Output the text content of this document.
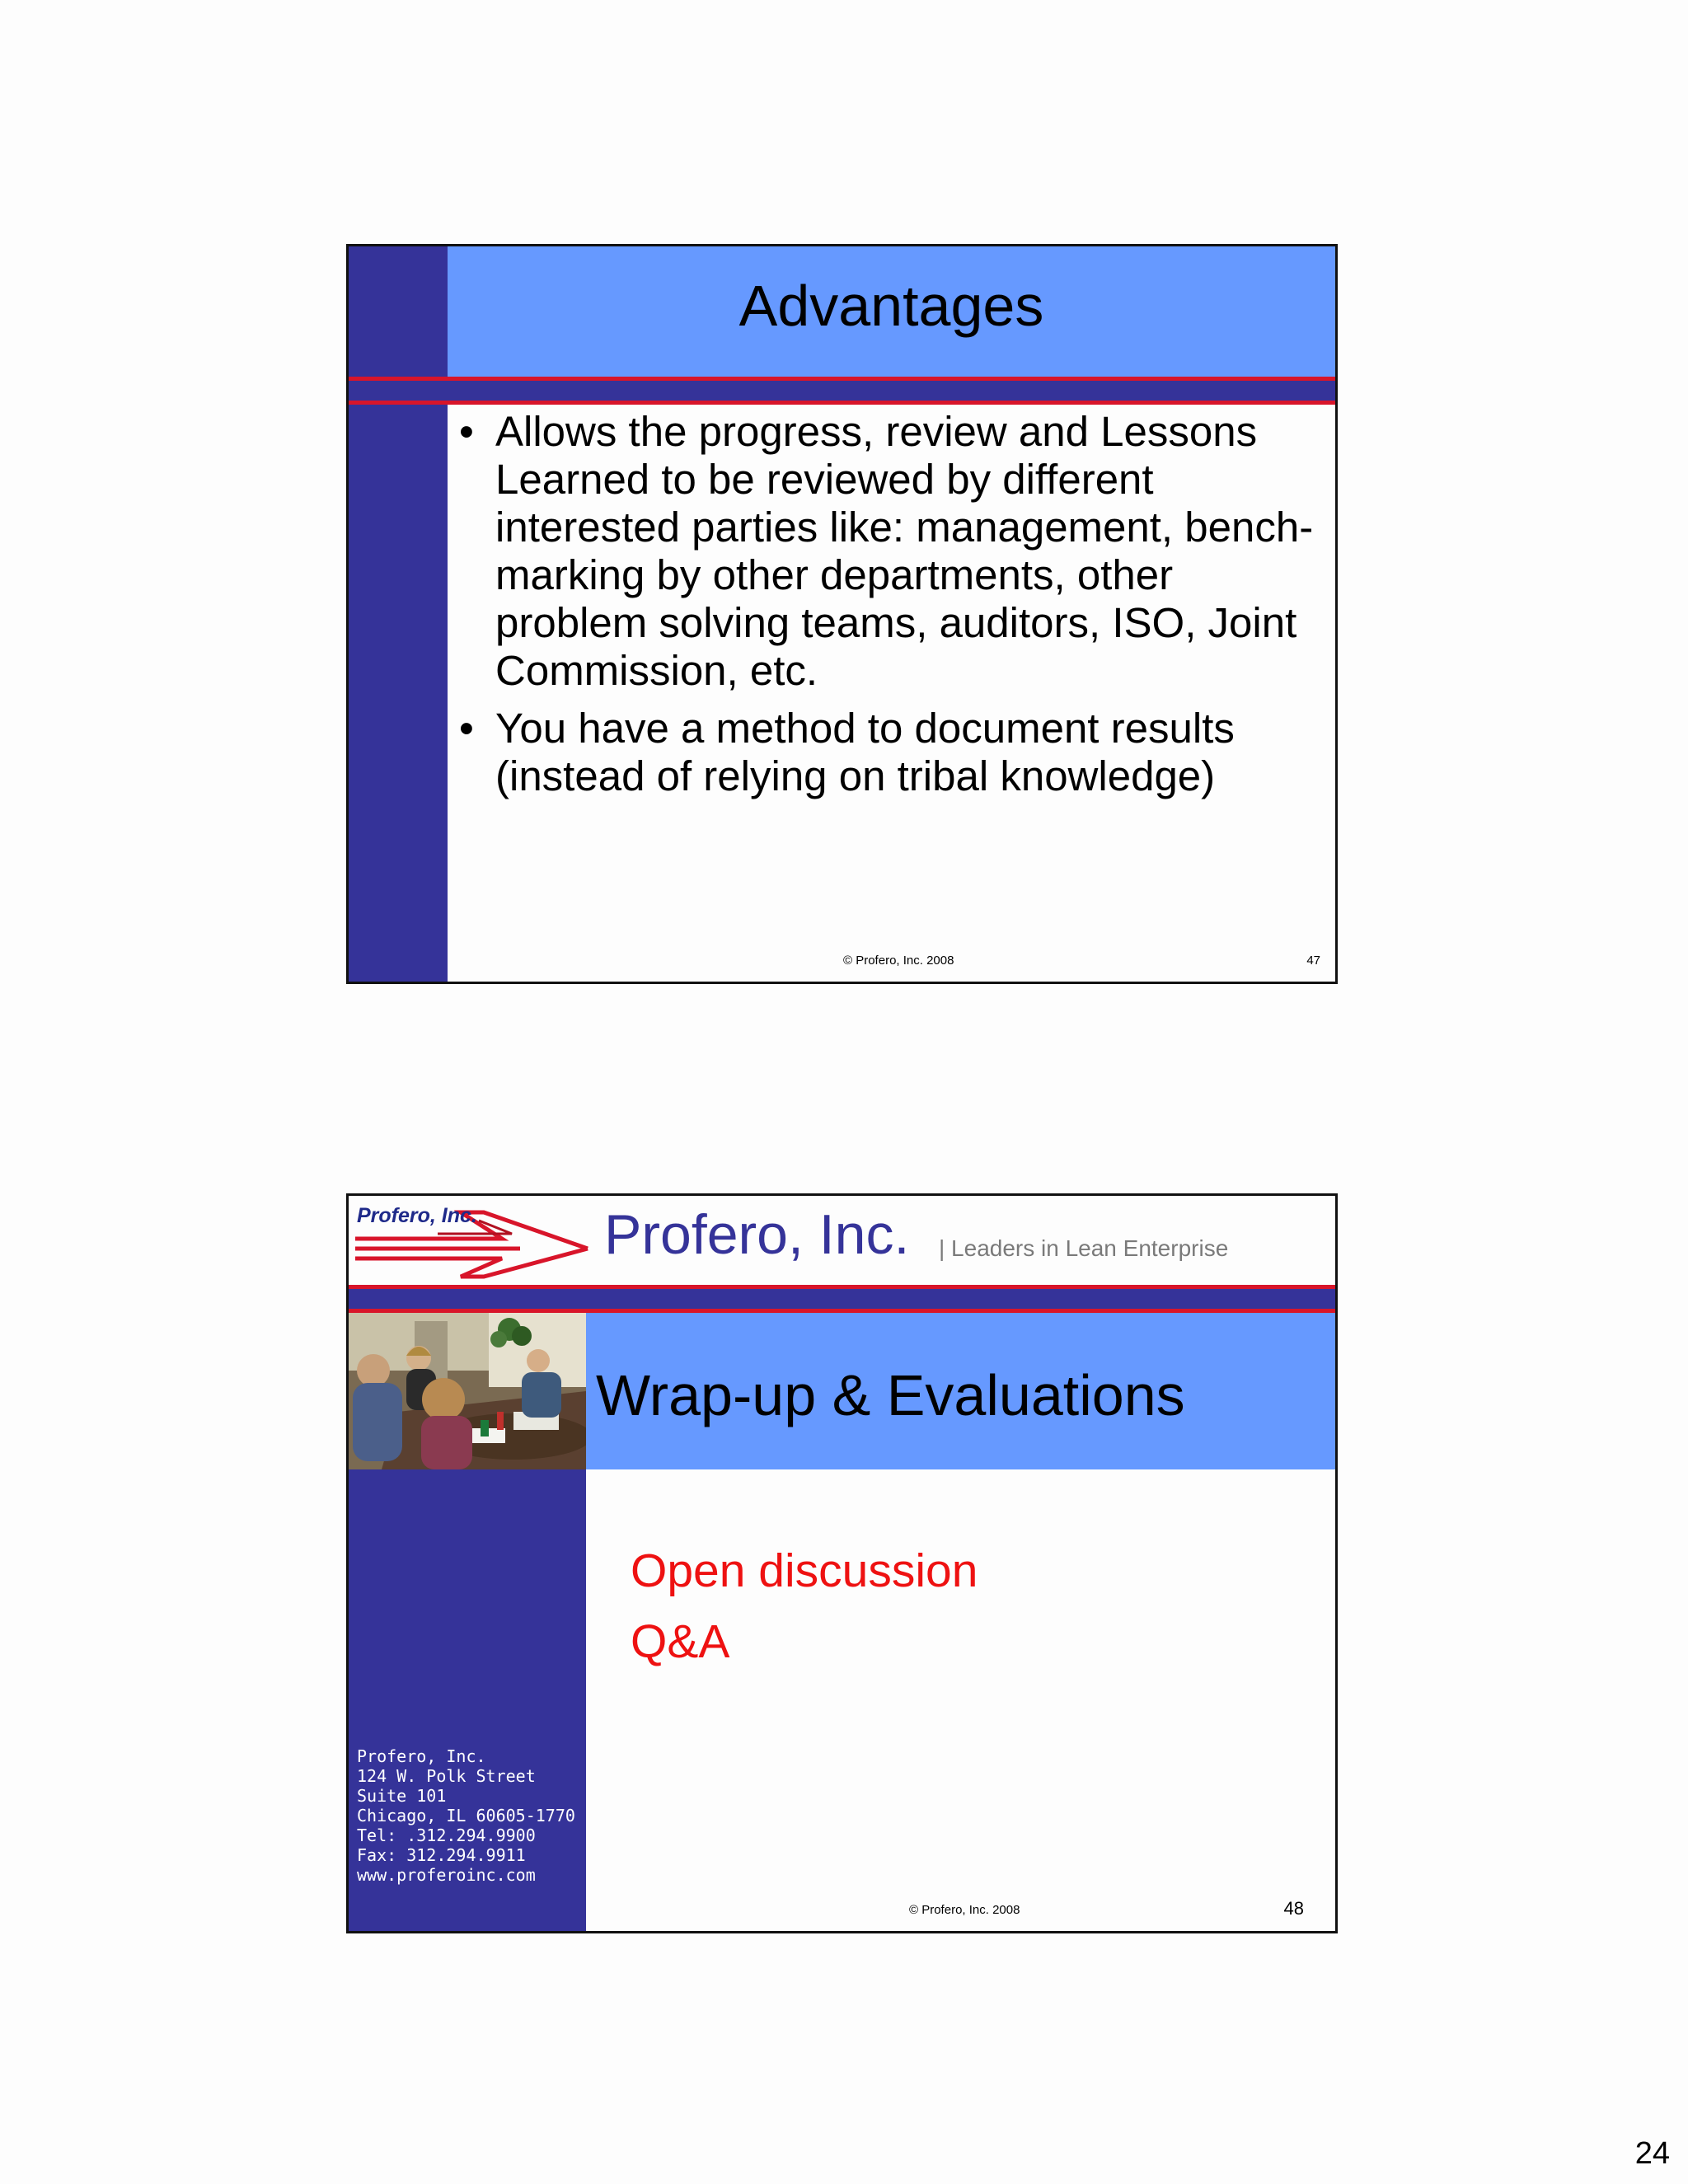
Advantages
• Allows the progress, review and Lessons Learned to be reviewed by different interested parties like: management, bench-marking by other departments, other problem solving teams, auditors, ISO, Joint Commission, etc.
• You have a method to document results (instead of relying on tribal knowledge)
© Profero, Inc. 2008	47
Profero, Inc. Profero, Inc. | Leaders in Lean Enterprise
Wrap-up & Evaluations
Open discussion
Q&A
Profero, Inc.
124 W. Polk Street
Suite 101
Chicago, IL 60605-1770
Tel: .312.294.9900
Fax: 312.294.9911
www.proferoinc.com
© Profero, Inc. 2008	48
24
